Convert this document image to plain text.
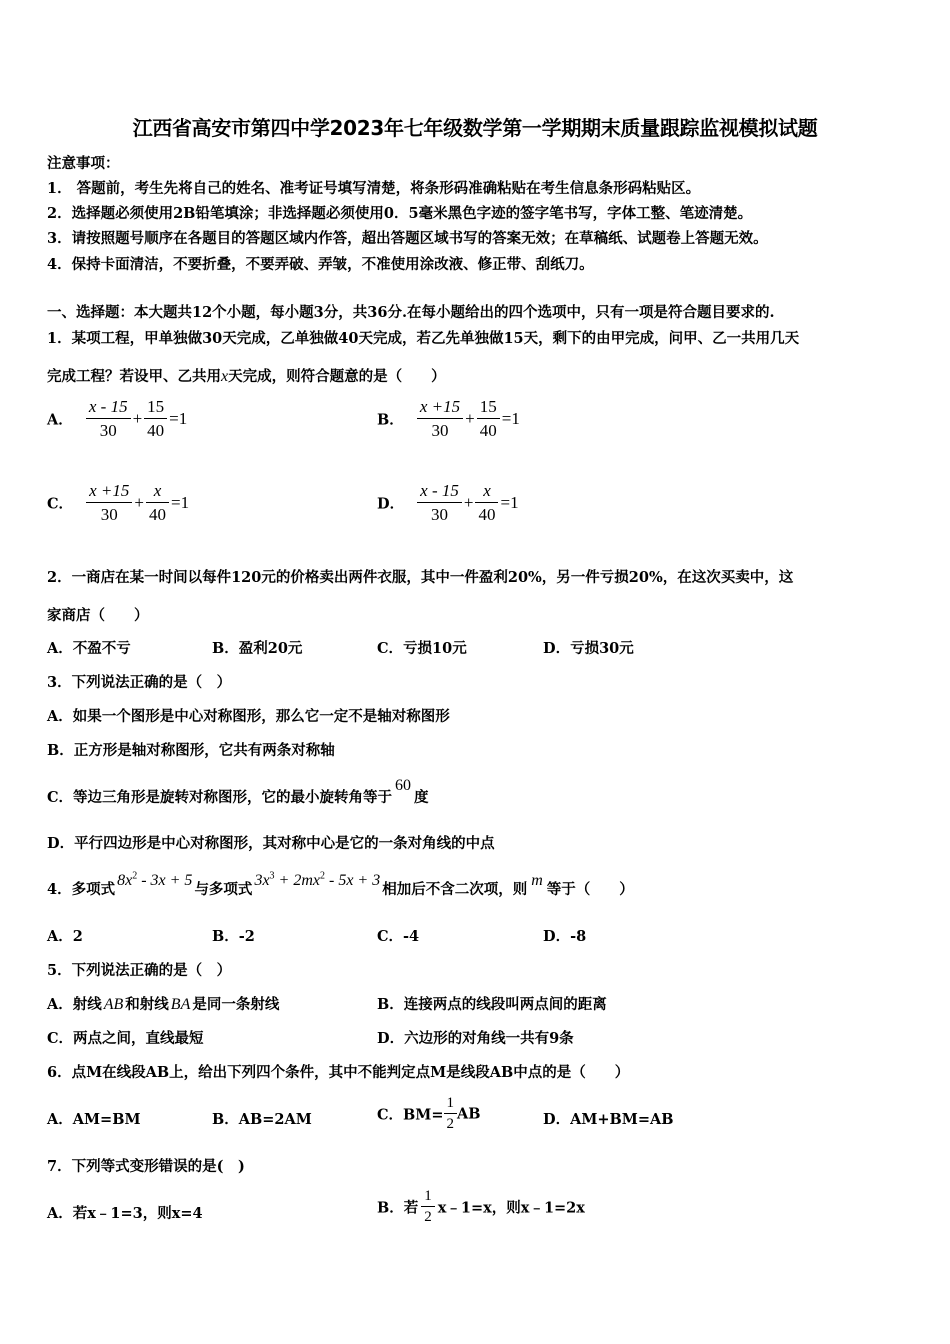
江西省高安市第四中学2023年七年级数学第一学期期末质量跟踪监视模拟试题
注意事项：
1． 答题前，考生先将自己的姓名、准考证号填写清楚，将条形码准确粘贴在考生信息条形码粘贴区。
2．选择题必须使用2B铅笔填涂；非选择题必须使用0．5毫米黑色字迹的签字笔书写，字体工整、笔迹清楚。
3．请按照题号顺序在各题目的答题区域内作答，超出答题区域书写的答案无效；在草稿纸、试题卷上答题无效。
4．保持卡面清洁，不要折叠，不要弄破、弄皱，不准使用涂改液、修正带、刮纸刀。
一、选择题：本大题共12个小题，每小题3分，共36分.在每小题给出的四个选项中，只有一项是符合题目要求的.
1．某项工程，甲单独做30天完成，乙单独做40天完成，若乙先单独做15天，剩下的由甲完成，问甲、乙一共用几天
完成工程？若设甲、乙共用x天完成，则符合题意的是（　　）
A． $\frac{x - 15}{30} + \frac{15}{40} =1$	B． $\frac{x +15}{30} + \frac{15}{40} =1$
C． $\frac{x +15}{30} + \frac{x}{40} =1$	D． $\frac{x - 15}{30} + \frac{x}{40} =1$
2．一商店在某一时间以每件120元的价格卖出两件衣服，其中一件盈利20%，另一件亏损20%，在这次买卖中，这
家商店（　　）
A．不盈不亏	B．盈利20元	C．亏损10元	D．亏损30元
3．下列说法正确的是（　）
A．如果一个图形是中心对称图形，那么它一定不是轴对称图形
B．正方形是轴对称图形，它共有两条对称轴
C．等边三角形是旋转对称图形，它的最小旋转角等于60度
D．平行四边形是中心对称图形，其对称中心是它的一条对角线的中点
4．多项式$8x^2 - 3x + 5$与多项式$3x^3 + 2mx^2 - 5x + 3$相加后不含二次项，则m等于（　　）
A．2	B．-2	C．-4	D．-8
5．下列说法正确的是（　）
A．射线 AB 和射线 BA 是同一条射线	B．连接两点的线段叫两点间的距离
C．两点之间，直线最短	D．六边形的对角线一共有9条
6．点M在线段AB上，给出下列四个条件，其中不能判定点M是线段AB中点的是（　　）
A．AM=BM	B．AB=2AM	C．$BM= \frac{1}{2}$ AB	D．AM+BM=AB
7．下列等式变形错误的是(　)
A．若x﹣1=3，则x=4	B．若 $\frac{1}{2}$ x﹣1=x，则x﹣1=2x
